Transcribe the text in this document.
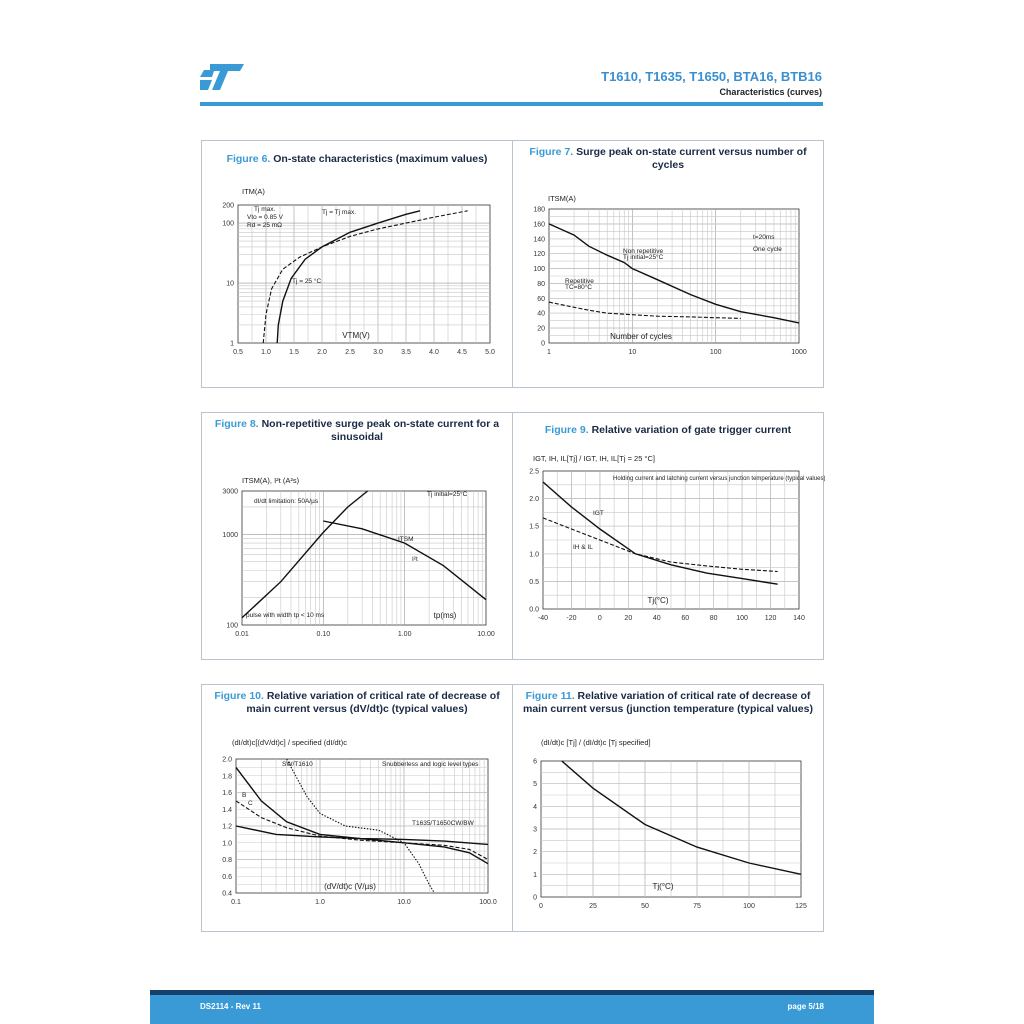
T1610, T1635, T1650, BTA16, BTB16
Characteristics (curves)
Figure 6. On-state characteristics (maximum values)
0.5	1.0	1.5	2.0	2.5	3.0	3.5	4.0	4.5	5.0
1
10
100
200
ITM(A)
VTM(V)
Tj max.
Vto = 0.85 V
Rd = 25 mΩ
Tj = Tj max.
Tj = 25 °C
Figure 7. Surge peak on-state current versus number of cycles
1	10	100	1000
0
20
40
60
80
100
120
140
160
180
ITSM(A)
Number of cycles
Non repetitive
Tj initial=25°C
Repetitive
TC=80°C
t=20ms
One cycle
Figure 8. Non-repetitive surge peak on-state current for a sinusoidal
0.01	0.10	1.00	10.00
100
1000
3000
ITSM(A), I²t (A²s)
tp(ms)
dI/dt limitation: 50A/µs
Tj initial=25°C
ITSM
I²t
pulse with width tp < 10 ms
Figure 9. Relative variation of gate trigger current
-40	-20	0	20	40	60	80	100 120 140
0.0
0.5
1.0
1.5
2.0
2.5
IGT, IH, IL[Tj] / IGT, IH, IL[Tj = 25 °C]
Tj(°C)
Holding current and latching current versus junction temperature (typical values)
IGT
IH & IL
Figure 10. Relative variation of critical rate of decrease of main current versus (dV/dt)c (typical values)
0.1	1.0	10.0	100.0
0.4
0.6
0.8
1.0
1.2
1.4
1.6
1.8
2.0
(dI/dt)c[(dV/dt)c] / specified (dI/dt)c
(dV/dt)c (V/µs)
SW/T1610	Snubberless and logic level types
T1635/T1650CW/BW
C
B
Figure 11. Relative variation of critical rate of decrease of main current versus (junction temperature (typical values)
0	25	50	75	100	125
0
1
2
3
4
5
6
(dI/dt)c [Tj] / (dI/dt)c [Tj specified]
Tj(°C)
DS2114 - Rev 11	page 5/18
